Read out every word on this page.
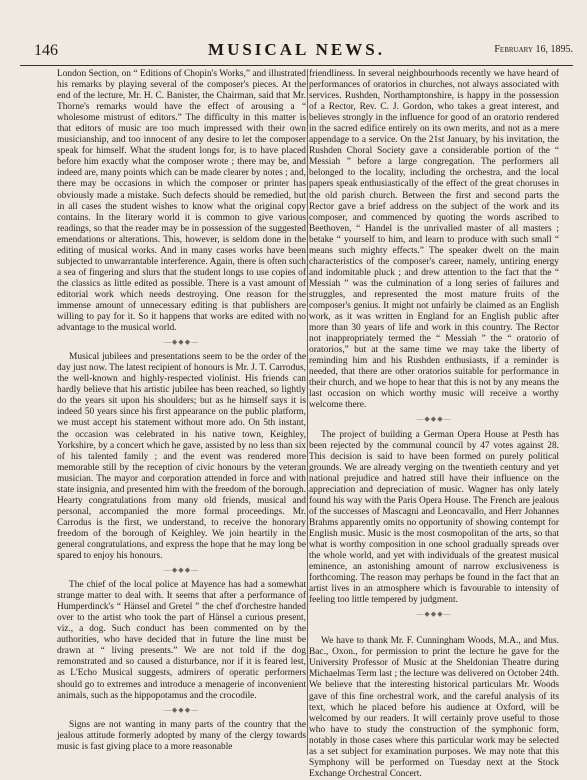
146	MUSICAL NEWS.	February 16, 1895.

London Section, on “ Editions of Chopin's Works,” and illustrated his remarks by playing several of the composer's pieces. At the end of the lecture, Mr. H. C. Banister, the Chairman, said that Mr. Thorne's remarks would have the effect of arousing a “ wholesome mistrust of editors.” The difficulty in this matter is that editors of music are too much impressed with their own musicianship, and too innocent of any desire to let the composer speak for himself. What the student longs for, is to have placed before him exactly what the composer wrote ; there may be, and indeed are, many points which can be made clearer by notes ; and, there may be occasions in which the composer or printer has obviously made a mistake. Such defects should be remedied, but in all cases the student wishes to know what the original copy contains. In the literary world it is common to give various readings, so that the reader may be in possession of the suggested emendations or alterations. This, however, is seldom done in the editing of musical works. And in many cases works have been subjected to unwarrantable interference. Again, there is often such a sea of fingering and slurs that the student longs to use copies of the classics as little edited as possible. There is a vast amount of editorial work which needs destroying. One reason for the immense amount of unnecessary editing is that publishers are willing to pay for it. So it happens that works are edited with no advantage to the musical world.

—◆◆◆—

Musical jubilees and presentations seem to be the order of the day just now. The latest recipient of honours is Mr. J. T. Carrodus, the well-known and highly-respected violinist. His friends can hardly believe that his artistic jubilee has been reached, so lightly do the years sit upon his shoulders; but as he himself says it is indeed 50 years since his first appearance on the public platform, we must accept his statement without more ado. On 5th instant, the occasion was celebrated in his native town, Keighley, Yorkshire, by a concert which he gave, assisted by no less than six of his talented family ; and the event was rendered more memorable still by the reception of civic honours by the veteran musician. The mayor and corporation attended in force and with state insignia, and presented him with the freedom of the borough. Hearty congratulations from many old friends, musical and personal, accompanied the more formal proceedings. Mr. Carrodus is the first, we understand, to receive the honorary freedom of the borough of Keighley. We join heartily in the general congratulations, and express the hope that he may long be spared to enjoy his honours.

—◆◆◆—

The chief of the local police at Mayence has had a somewhat strange matter to deal with. It seems that after a performance of Humperdinck's “ Hänsel and Gretel ” the chef d'orchestre handed over to the artist who took the part of Hänsel a curious present, viz., a dog. Such conduct has been commented on by the authorities, who have decided that in future the line must be drawn at “ living presents.” We are not told if the dog remonstrated and so caused a disturbance, nor if it is feared lest, as L'Echo Musical suggests, admirers of operatic performers should go to extremes and introduce a menagerie of inconvenient animals, such as the hippopotamus and the crocodile.

—◆◆◆—

Signs are not wanting in many parts of the country that the jealous attitude formerly adopted by many of the clergy towards music is fast giving place to a more reasonable

friendliness. In several neighbourhoods recently we have heard of performances of oratorios in churches, not always associated with services. Rushden, Northamptonshire, is happy in the possession of a Rector, Rev. C. J. Gordon, who takes a great interest, and believes strongly in the influence for good of an oratorio rendered in the sacred edifice entirely on its own merits, and not as a mere appendage to a service. On the 21st January, by his invitation, the Rushden Choral Society gave a considerable portion of the “ Messiah ” before a large congregation. The performers all belonged to the locality, including the orchestra, and the local papers speak enthusiastically of the effect of the great choruses in the old parish church. Between the first and second parts the Rector gave a brief address on the subject of the work and its composer, and commenced by quoting the words ascribed to Beethoven, “ Handel is the unrivalled master of all masters ; betake “ yourself to him, and learn to produce with such small “ means such mighty effects.” The speaker dwelt on the main characteristics of the composer's career, namely, untiring energy and indomitable pluck ; and drew attention to the fact that the “ Messiah ” was the culmination of a long series of failures and struggles, and represented the most mature fruits of the composer's genius. It might not unfairly be claimed as an English work, as it was written in England for an English public after more than 30 years of life and work in this country. The Rector not inappropriately termed the “ Messiah ” the “ oratorio of oratorios,” but at the same time we may take the liberty of reminding him and his Rushden enthusiasts, if a reminder is needed, that there are other oratorios suitable for performance in their church, and we hope to hear that this is not by any means the last occasion on which worthy music will receive a worthy welcome there.

—◆◆◆—

The project of building a German Opera House at Pesth has been rejected by the communal council by 47 votes against 28. This decision is said to have been formed on purely political grounds. We are already verging on the twentieth century and yet national prejudice and hatred still have their influence on the appreciation and depreciation of music. Wagner has only lately found his way with the Paris Opera House. The French are jealous of the successes of Mascagni and Leoncavallo, and Herr Johannes Brahms apparently omits no opportunity of showing contempt for English music. Music is the most cosmopolitan of the arts, so that what is worthy composition in one school gradually spreads over the whole world, and yet with individuals of the greatest musical eminence, an astonishing amount of narrow exclusiveness is forthcoming. The reason may perhaps be found in the fact that an artist lives in an atmosphere which is favourable to intensity of feeling too little tempered by judgment.

—◆◆◆—

We have to thank Mr. F. Cunningham Woods, M.A., and Mus. Bac., Oxon., for permission to print the lecture he gave for the University Professor of Music at the Sheldonian Theatre during Michaelmas Term last ; the lecture was delivered on October 24th. We believe that the interesting historical particulars Mr. Woods gave of this fine orchestral work, and the careful analysis of its text, which he placed before his audience at Oxford, will be welcomed by our readers. It will certainly prove useful to those who have to study the construction of the symphonic form, notably in those cases where this particular work may be selected as a set subject for examination purposes. We may note that this Symphony will be performed on Tuesday next at the Stock Exchange Orchestral Concert.
